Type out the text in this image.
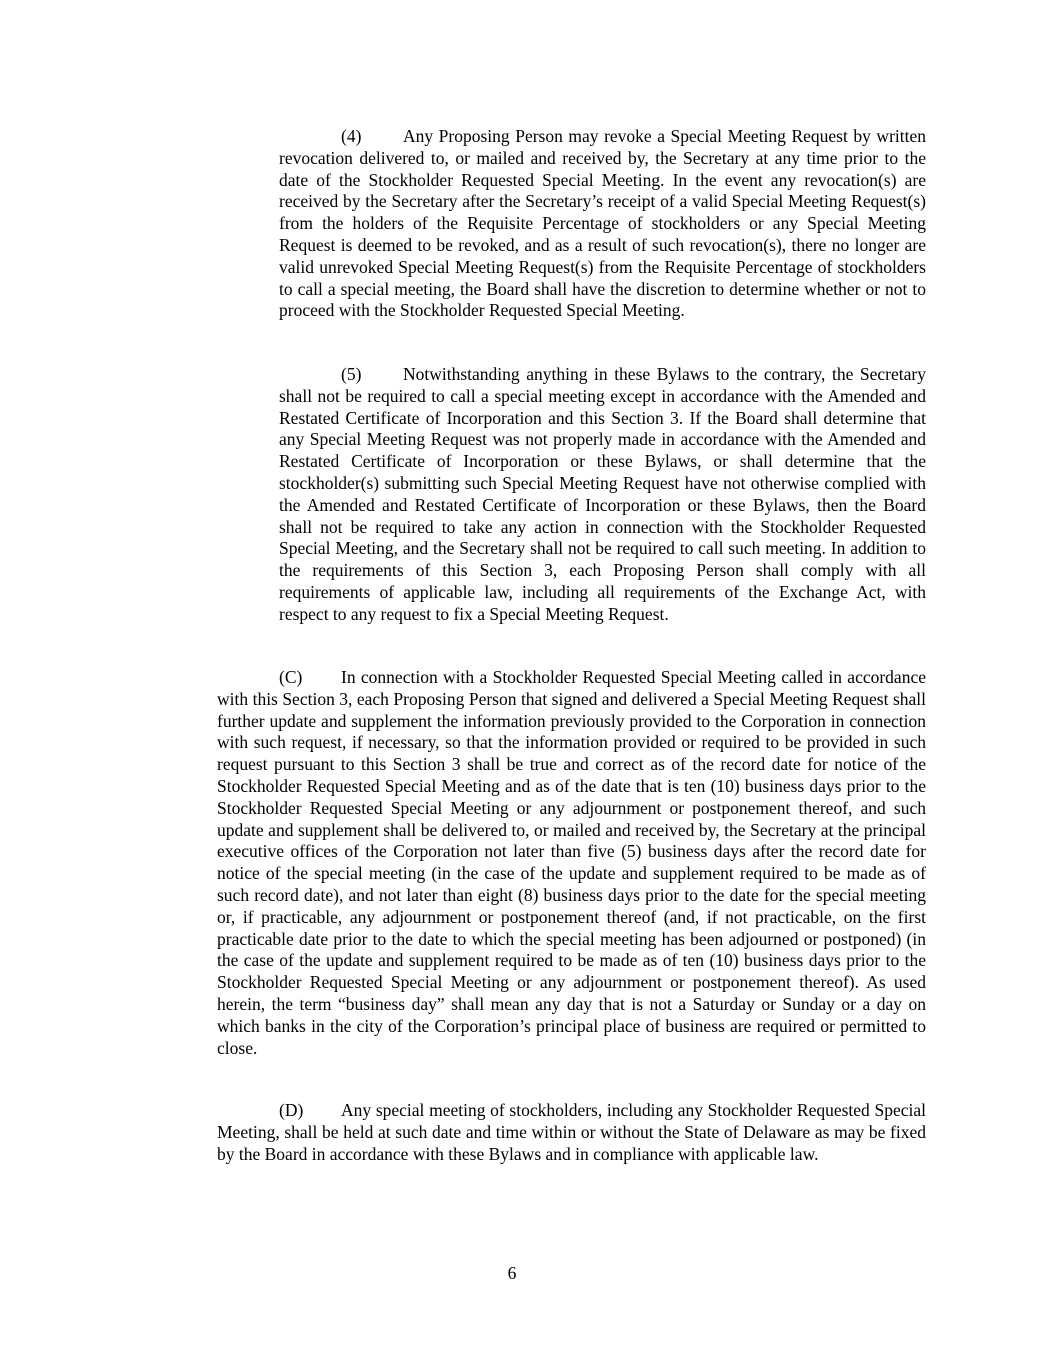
(4) Any Proposing Person may revoke a Special Meeting Request by written revocation delivered to, or mailed and received by, the Secretary at any time prior to the date of the Stockholder Requested Special Meeting. In the event any revocation(s) are received by the Secretary after the Secretary’s receipt of a valid Special Meeting Request(s) from the holders of the Requisite Percentage of stockholders or any Special Meeting Request is deemed to be revoked, and as a result of such revocation(s), there no longer are valid unrevoked Special Meeting Request(s) from the Requisite Percentage of stockholders to call a special meeting, the Board shall have the discretion to determine whether or not to proceed with the Stockholder Requested Special Meeting.

(5) Notwithstanding anything in these Bylaws to the contrary, the Secretary shall not be required to call a special meeting except in accordance with the Amended and Restated Certificate of Incorporation and this Section 3. If the Board shall determine that any Special Meeting Request was not properly made in accordance with the Amended and Restated Certificate of Incorporation or these Bylaws, or shall determine that the stockholder(s) submitting such Special Meeting Request have not otherwise complied with the Amended and Restated Certificate of Incorporation or these Bylaws, then the Board shall not be required to take any action in connection with the Stockholder Requested Special Meeting, and the Secretary shall not be required to call such meeting. In addition to the requirements of this Section 3, each Proposing Person shall comply with all requirements of applicable law, including all requirements of the Exchange Act, with respect to any request to fix a Special Meeting Request.

(C) In connection with a Stockholder Requested Special Meeting called in accordance with this Section 3, each Proposing Person that signed and delivered a Special Meeting Request shall further update and supplement the information previously provided to the Corporation in connection with such request, if necessary, so that the information provided or required to be provided in such request pursuant to this Section 3 shall be true and correct as of the record date for notice of the Stockholder Requested Special Meeting and as of the date that is ten (10) business days prior to the Stockholder Requested Special Meeting or any adjournment or postponement thereof, and such update and supplement shall be delivered to, or mailed and received by, the Secretary at the principal executive offices of the Corporation not later than five (5) business days after the record date for notice of the special meeting (in the case of the update and supplement required to be made as of such record date), and not later than eight (8) business days prior to the date for the special meeting or, if practicable, any adjournment or postponement thereof (and, if not practicable, on the first practicable date prior to the date to which the special meeting has been adjourned or postponed) (in the case of the update and supplement required to be made as of ten (10) business days prior to the Stockholder Requested Special Meeting or any adjournment or postponement thereof). As used herein, the term “business day” shall mean any day that is not a Saturday or Sunday or a day on which banks in the city of the Corporation’s principal place of business are required or permitted to close.

(D) Any special meeting of stockholders, including any Stockholder Requested Special Meeting, shall be held at such date and time within or without the State of Delaware as may be fixed by the Board in accordance with these Bylaws and in compliance with applicable law.

6
